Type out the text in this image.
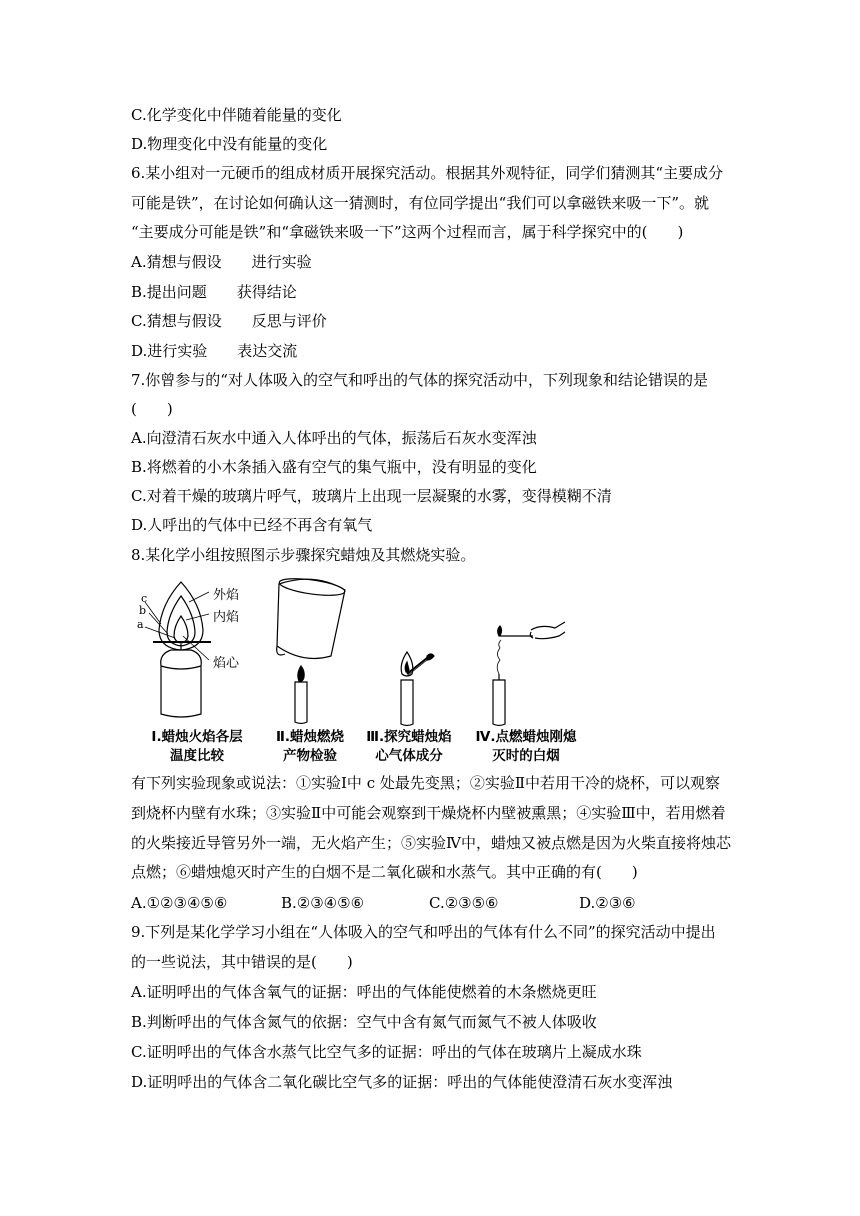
C.化学变化中伴随着能量的变化
D.物理变化中没有能量的变化
6.某小组对一元硬币的组成材质开展探究活动。根据其外观特征，同学们猜测其“主要成分
可能是铁”，在讨论如何确认这一猜测时，有位同学提出“我们可以拿磁铁来吸一下”。就
“主要成分可能是铁”和“拿磁铁来吸一下”这两个过程而言，属于科学探究中的(　　)
A.猜想与假设　　进行实验
B.提出问题　　获得结论
C.猜想与假设　　反思与评价
D.进行实验　　表达交流
7.你曾参与的“对人体吸入的空气和呼出的气体的探究活动中，下列现象和结论错误的是
(　　)
A.向澄清石灰水中通入人体呼出的气体，振荡后石灰水变浑浊
B.将燃着的小木条插入盛有空气的集气瓶中，没有明显的变化
C.对着干燥的玻璃片呼气，玻璃片上出现一层凝聚的水雾，变得模糊不清
D.人呼出的气体中已经不再含有氧气
8.某化学小组按照图示步骤探究蜡烛及其燃烧实验。
外焰
内焰
焰心
c
b
a
Ⅰ.蜡烛火焰各层
温度比较
Ⅱ.蜡烛燃烧
产物检验
Ⅲ.探究蜡烛焰
心气体成分
Ⅳ.点燃蜡烛刚熄
灭时的白烟
有下列实验现象或说法：①实验Ⅰ中 c 处最先变黑；②实验Ⅱ中若用干冷的烧杯，可以观察
到烧杯内壁有水珠；③实验Ⅱ中可能会观察到干燥烧杯内壁被熏黑；④实验Ⅲ中，若用燃着
的火柴接近导管另外一端，无火焰产生；⑤实验Ⅳ中，蜡烛又被点燃是因为火柴直接将烛芯
点燃；⑥蜡烛熄灭时产生的白烟不是二氧化碳和水蒸气。其中正确的有(　　)
A.①②③④⑤⑥	B.②③④⑤⑥	C.②③⑤⑥	D.②③⑥
9.下列是某化学学习小组在“人体吸入的空气和呼出的气体有什么不同”的探究活动中提出
的一些说法，其中错误的是(　　)
A.证明呼出的气体含氧气的证据：呼出的气体能使燃着的木条燃烧更旺
B.判断呼出的气体含氮气的依据：空气中含有氮气而氮气不被人体吸收
C.证明呼出的气体含水蒸气比空气多的证据：呼出的气体在玻璃片上凝成水珠
D.证明呼出的气体含二氧化碳比空气多的证据：呼出的气体能使澄清石灰水变浑浊
